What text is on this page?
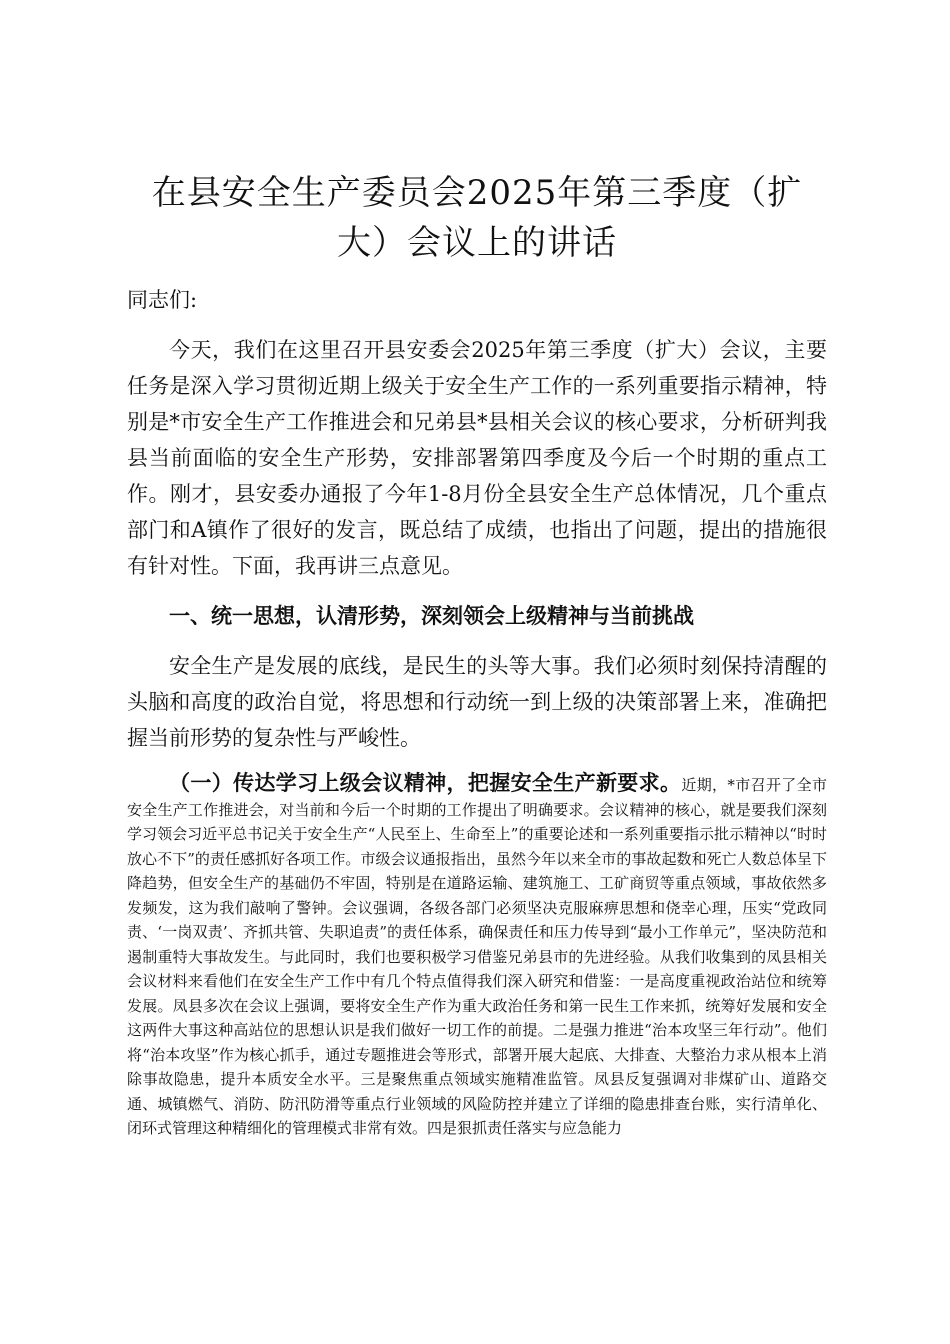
在县安全生产委员会2025年第三季度（扩大）会议上的讲话

同志们:

今天，我们在这里召开县安委会2025年第三季度（扩大）会议，主要任务是深入学习贯彻近期上级关于安全生产工作的一系列重要指示精神，特别是*市安全生产工作推进会和兄弟县*县相关会议的核心要求，分析研判我县当前面临的安全生产形势，安排部署第四季度及今后一个时期的重点工作。刚才，县安委办通报了今年1-8月份全县安全生产总体情况，几个重点部门和A镇作了很好的发言，既总结了成绩，也指出了问题，提出的措施很有针对性。下面，我再讲三点意见。

一、统一思想，认清形势，深刻领会上级精神与当前挑战

安全生产是发展的底线，是民生的头等大事。我们必须时刻保持清醒的头脑和高度的政治自觉，将思想和行动统一到上级的决策部署上来，准确把握当前形势的复杂性与严峻性。

（一）传达学习上级会议精神，把握安全生产新要求。近期，*市召开了全市安全生产工作推进会，对当前和今后一个时期的工作提出了明确要求。会议精神的核心，就是要我们深刻学习领会习近平总书记关于安全生产“人民至上、生命至上”的重要论述和一系列重要指示批示精神以“时时放心不下”的责任感抓好各项工作。市级会议通报指出，虽然今年以来全市的事故起数和死亡人数总体呈下降趋势，但安全生产的基础仍不牢固，特别是在道路运输、建筑施工、工矿商贸等重点领域，事故依然多发频发，这为我们敲响了警钟。会议强调，各级各部门必须坚决克服麻痹思想和侥幸心理，压实“党政同责、‘一岗双责’、齐抓共管、失职追责”的责任体系，确保责任和压力传导到“最小工作单元”，坚决防范和遏制重特大事故发生。与此同时，我们也要积极学习借鉴兄弟县市的先进经验。从我们收集到的凤县相关会议材料来看他们在安全生产工作中有几个特点值得我们深入研究和借鉴：一是高度重视政治站位和统筹发展。凤县多次在会议上强调，要将安全生产作为重大政治任务和第一民生工作来抓，统筹好发展和安全这两件大事这种高站位的思想认识是我们做好一切工作的前提。二是强力推进“治本攻坚三年行动”。他们将“治本攻坚”作为核心抓手，通过专题推进会等形式，部署开展大起底、大排查、大整治力求从根本上消除事故隐患，提升本质安全水平。三是聚焦重点领域实施精准监管。凤县反复强调对非煤矿山、道路交通、城镇燃气、消防、防汛防滑等重点行业领域的风险防控并建立了详细的隐患排查台账，实行清单化、闭环式管理这种精细化的管理模式非常有效。四是狠抓责任落实与应急能力
